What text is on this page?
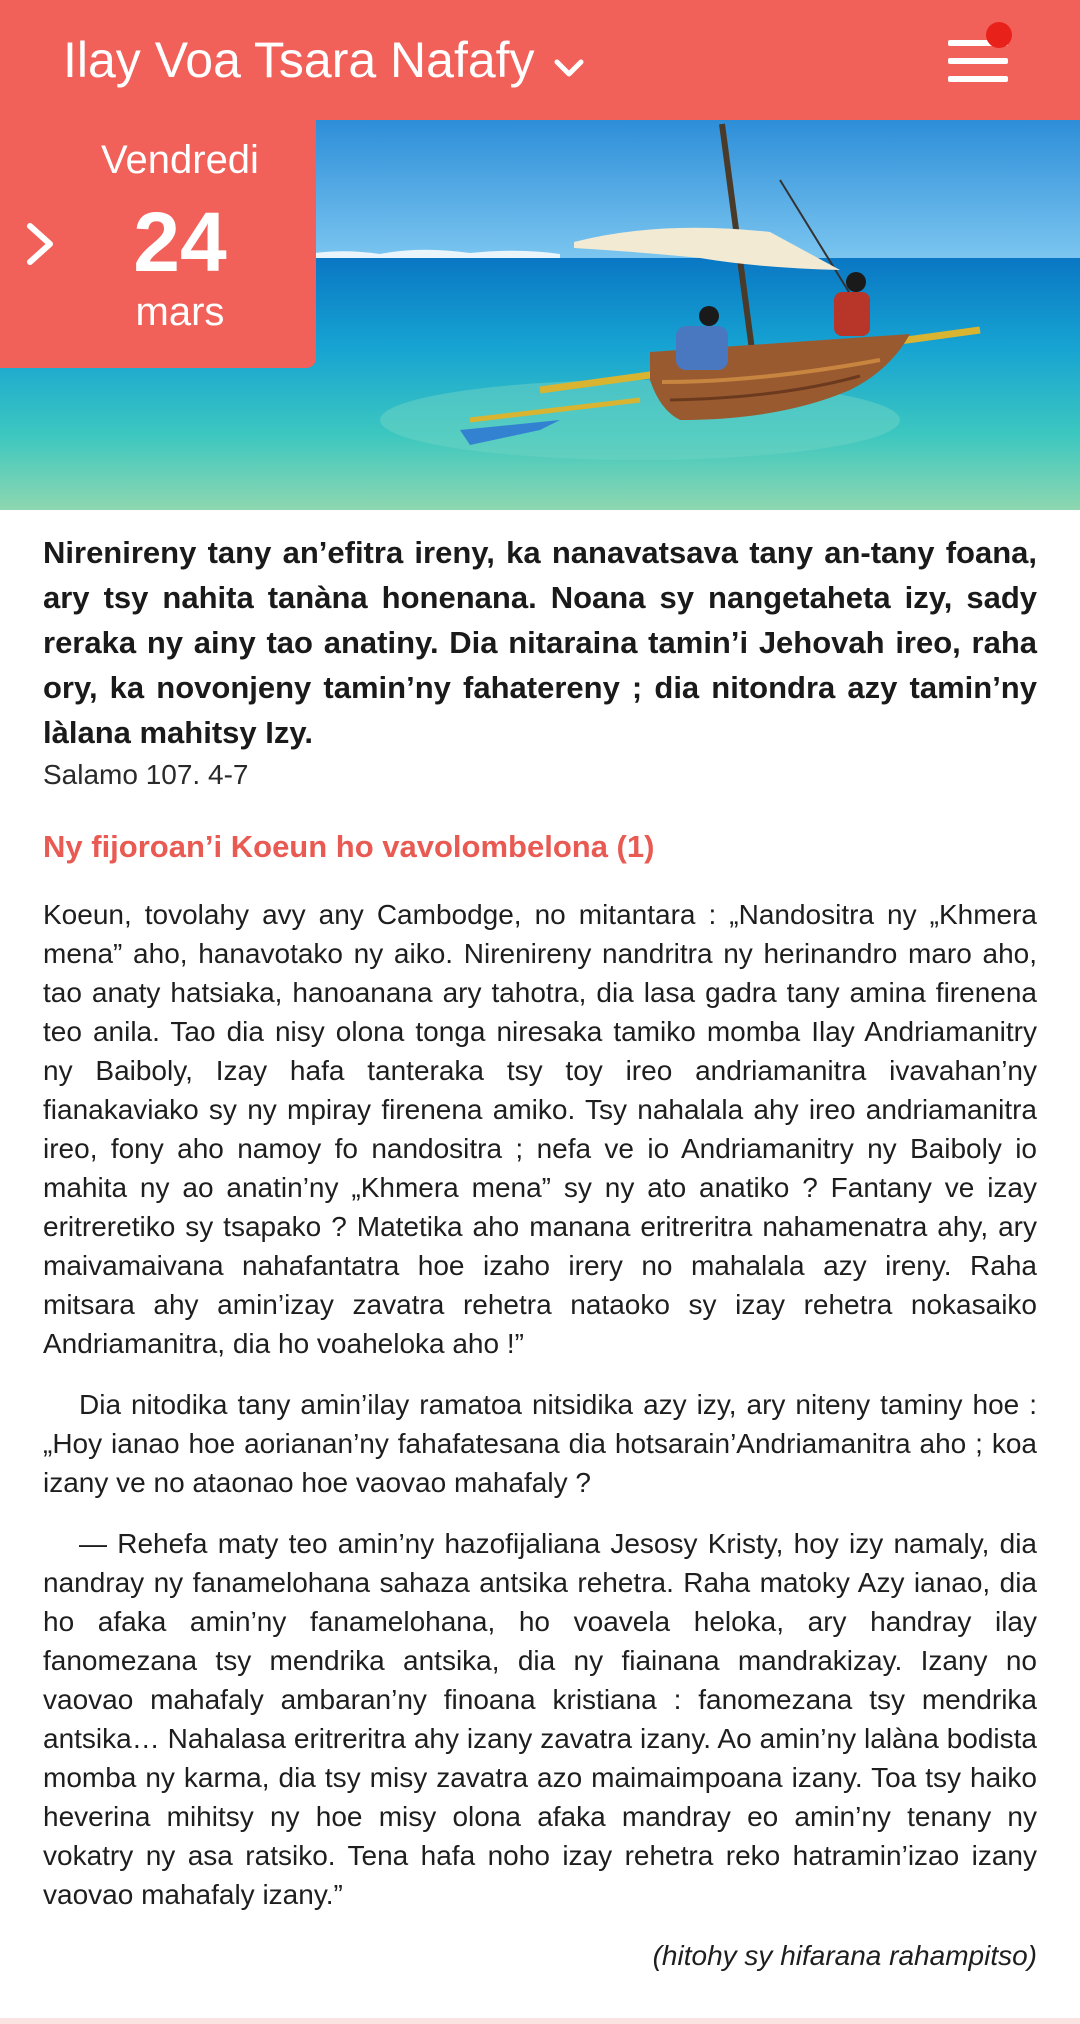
Ilay Voa Tsara Nafafy
Vendredi
24
mars

Nirenireny tany an’efitra ireny, ka nanavatsava tany an-tany foana, ary tsy nahita tanàna honenana. Noana sy nangetaheta izy, sady reraka ny ainy tao anatiny. Dia nitaraina tamin’i Jehovah ireo, raha ory, ka novonjeny tamin’ny fahatereny ; dia nitondra azy tamin’ny làlana mahitsy Izy.

Salamo 107. 4-7

Ny fijoroan’i Koeun ho vavolombelona (1)

Koeun, tovolahy avy any Cambodge, no mitantara : „Nandositra ny „Khmera mena” aho, hanavotako ny aiko. Nirenireny nandritra ny herinandro maro aho, tao anaty hatsiaka, hanoanana ary tahotra, dia lasa gadra tany amina firenena teo anila. Tao dia nisy olona tonga niresaka tamiko momba Ilay Andriamanitry ny Baiboly, Izay hafa tanteraka tsy toy ireo andriamanitra ivavahan’ny fianakaviako sy ny mpiray firenena amiko. Tsy nahalala ahy ireo andriamanitra ireo, fony aho namoy fo nandositra ; nefa ve io Andriamanitry ny Baiboly io mahita ny ao anatin’ny „Khmera mena” sy ny ato anatiko ? Fantany ve izay eritreretiko sy tsapako ? Matetika aho manana eritreritra nahamenatra ahy, ary maivamaivana nahafantatra hoe izaho irery no mahalala azy ireny. Raha mitsara ahy amin’izay zavatra rehetra nataoko sy izay rehetra nokasaiko Andriamanitra, dia ho voaheloka aho !”

Dia nitodika tany amin’ilay ramatoa nitsidika azy izy, ary niteny taminy hoe : „Hoy ianao hoe aorianan’ny fahafatesana dia hotsarain’Andriamanitra aho ; koa izany ve no ataonao hoe vaovao mahafaly ?

— Rehefa maty teo amin’ny hazofijaliana Jesosy Kristy, hoy izy namaly, dia nandray ny fanamelohana sahaza antsika rehetra. Raha matoky Azy ianao, dia ho afaka amin’ny fanamelohana, ho voavela heloka, ary handray ilay fanomezana tsy mendrika antsika, dia ny fiainana mandrakizay. Izany no vaovao mahafaly ambaran’ny finoana kristiana : fanomezana tsy mendrika antsika… Nahalasa eritreritra ahy izany zavatra izany. Ao amin’ny lalàna bodista momba ny karma, dia tsy misy zavatra azo maimaimpoana izany. Toa tsy haiko heverina mihitsy ny hoe misy olona afaka mandray eo amin’ny tenany ny vokatry ny asa ratsiko. Tena hafa noho izay rehetra reko hatramin’izao izany vaovao mahafaly izany.”

(hitohy sy hifarana rahampitso)
